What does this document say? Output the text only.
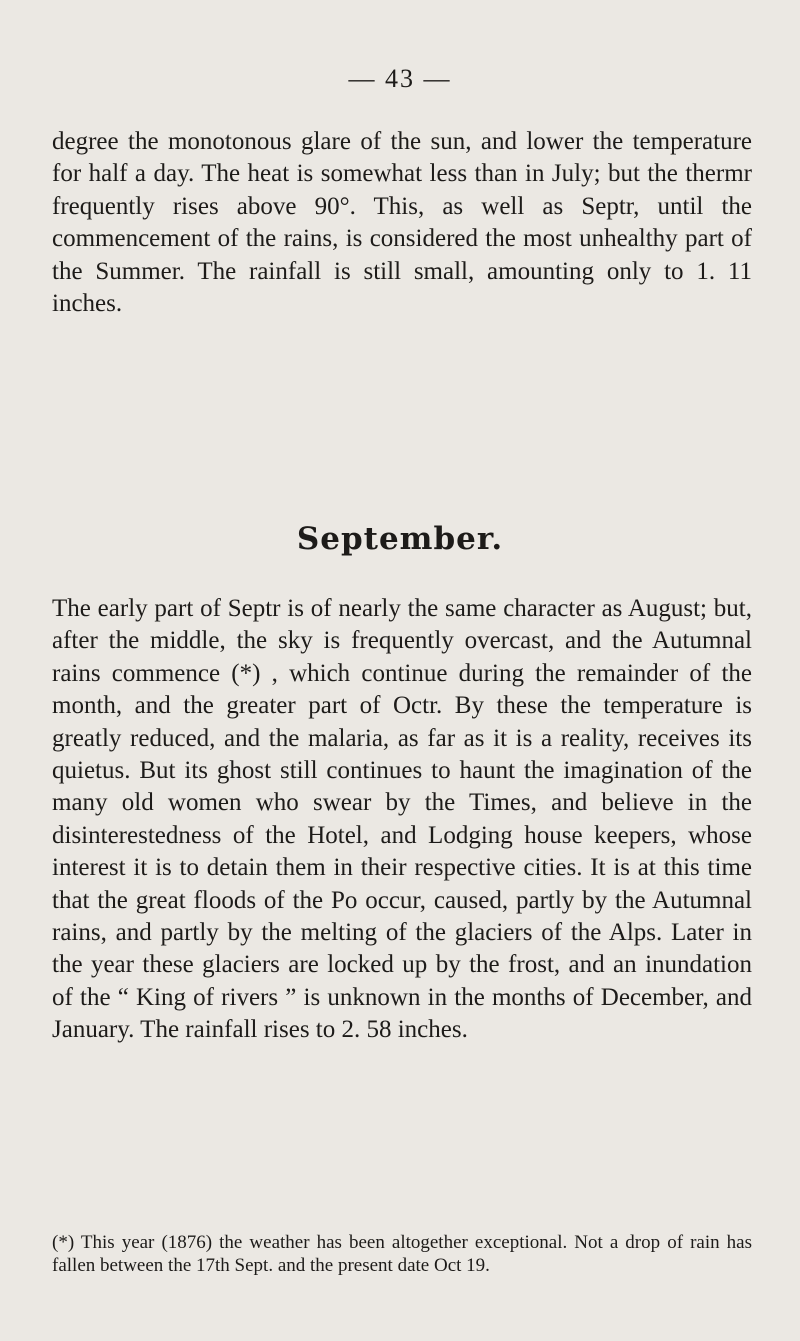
— 43 —

degree the monotonous glare of the sun, and lower the temperature for half a day. The heat is somewhat less than in July; but the thermr frequently rises above 90°. This, as well as Septr, until the commencement of the rains, is considered the most unhealthy part of the Summer. The rainfall is still small, amounting only to 1. 11 inches.

September.

The early part of Septr is of nearly the same character as August; but, after the middle, the sky is frequently overcast, and the Autumnal rains commence (*) , which continue during the remainder of the month, and the greater part of Octr. By these the temperature is greatly reduced, and the malaria, as far as it is a reality, receives its quietus. But its ghost still continues to haunt the imagination of the many old women who swear by the Times, and believe in the disinterestedness of the Hotel, and Lodging house keepers, whose interest it is to detain them in their respective cities. It is at this time that the great floods of the Po occur, caused, partly by the Autumnal rains, and partly by the melting of the glaciers of the Alps. Later in the year these glaciers are locked up by the frost, and an inundation of the “ King of rivers ” is unknown in the months of December, and January. The rainfall rises to 2. 58 inches.

(*) This year (1876) the weather has been altogether exceptional. Not a drop of rain has fallen between the 17th Sept. and the present date Oct 19.
